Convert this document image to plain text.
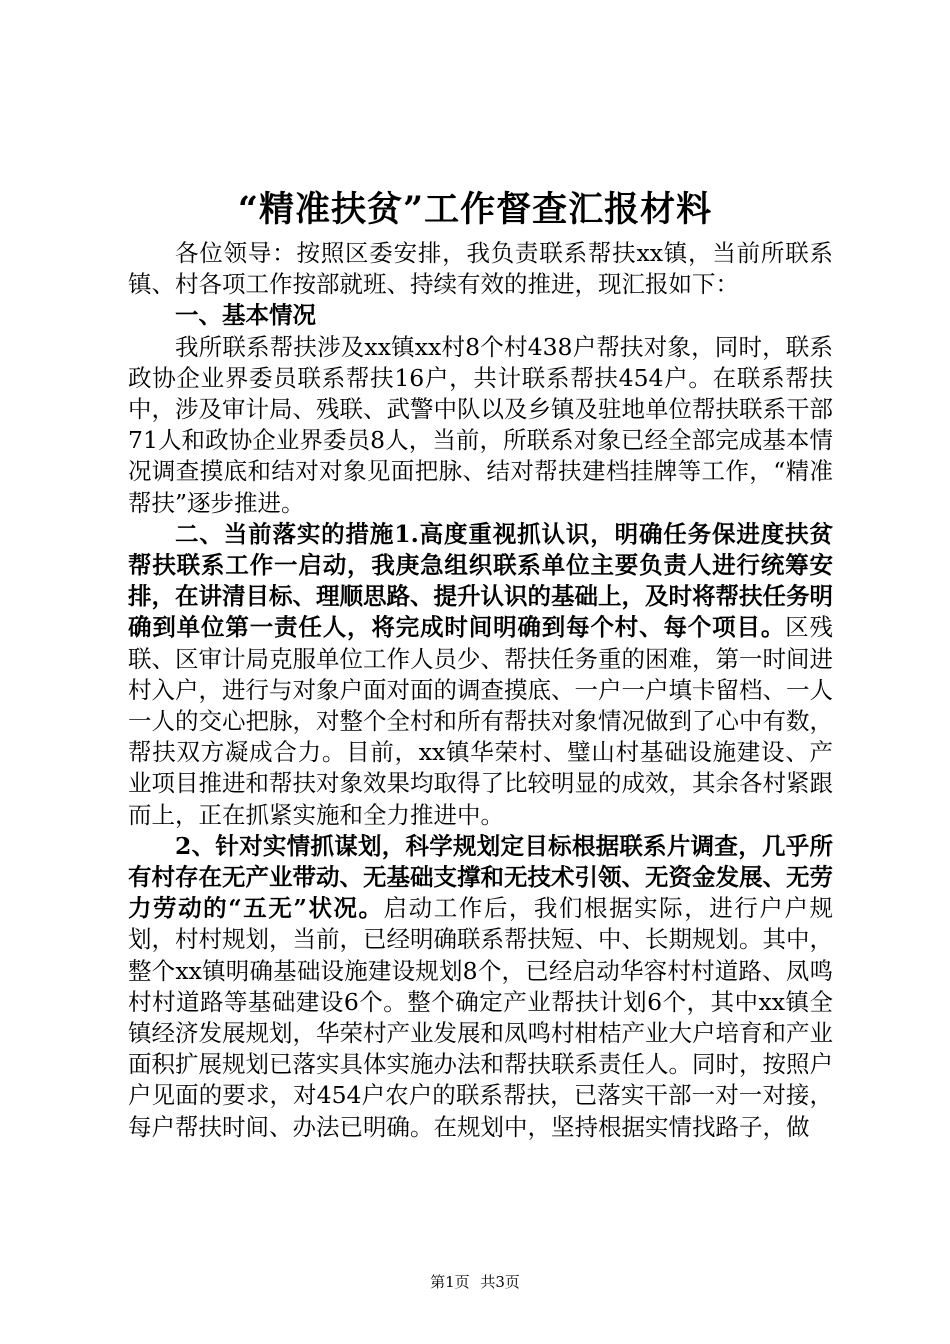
“精准扶贫”工作督查汇报材料

各位领导：按照区委安排，我负责联系帮扶xx镇，当前所联系镇、村各项工作按部就班、持续有效的推进，现汇报如下：

一、基本情况

我所联系帮扶涉及xx镇xx村8个村438户帮扶对象，同时，联系政协企业界委员联系帮扶16户，共计联系帮扶454户。在联系帮扶中，涉及审计局、残联、武警中队以及乡镇及驻地单位帮扶联系干部71人和政协企业界委员8人，当前，所联系对象已经全部完成基本情况调查摸底和结对对象见面把脉、结对帮扶建档挂牌等工作，“精准帮扶”逐步推进。

二、当前落实的措施1.高度重视抓认识，明确任务保进度扶贫帮扶联系工作一启动，我庚急组织联系单位主要负责人进行统筹安排，在讲清目标、理顺思路、提升认识的基础上，及时将帮扶任务明确到单位第一责任人，将完成时间明确到每个村、每个项目。区残联、区审计局克服单位工作人员少、帮扶任务重的困难，第一时间进村入户，进行与对象户面对面的调查摸底、一户一户填卡留档、一人一人的交心把脉，对整个全村和所有帮扶对象情况做到了心中有数，帮扶双方凝成合力。目前，xx镇华荣村、璧山村基础设施建设、产业项目推进和帮扶对象效果均取得了比较明显的成效，其余各村紧跟而上，正在抓紧实施和全力推进中。

2、针对实情抓谋划，科学规划定目标根据联系片调查，几乎所有村存在无产业带动、无基础支撑和无技术引领、无资金发展、无劳力劳动的“五无”状况。启动工作后，我们根据实际，进行户户规划，村村规划，当前，已经明确联系帮扶短、中、长期规划。其中，整个xx镇明确基础设施建设规划8个，已经启动华容村村道路、凤鸣村村道路等基础建设6个。整个确定产业帮扶计划6个，其中xx镇全镇经济发展规划，华荣村产业发展和凤鸣村柑桔产业大户培育和产业面积扩展规划已落实具体实施办法和帮扶联系责任人。同时，按照户户见面的要求，对454户农户的联系帮扶，已落实干部一对一对接，每户帮扶时间、办法已明确。在规划中，坚持根据实情找路子，做

第1页 共3页
